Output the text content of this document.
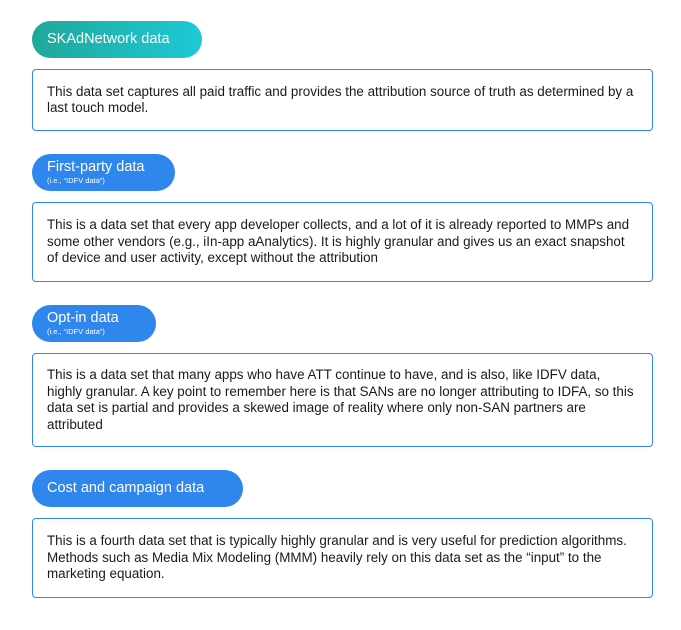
SKAdNetwork data
This data set captures all paid traffic and provides the attribution source of truth as determined by a last touch model.
First-party data
(i.e., “IDFV data”)
This is a data set that every app developer collects, and a lot of it is already reported to MMPs and some other vendors (e.g., iIn-app aAnalytics). It is highly granular and gives us an exact snapshot of device and user activity, except without the attribution
Opt-in data
(i.e., “IDFV data”)
This is a data set that many apps who have ATT continue to have, and is also, like IDFV data, highly granular. A key point to remember here is that SANs are no longer attributing to IDFA, so this data set is partial and provides a skewed image of reality where only non-SAN partners are attributed
Cost and campaign data
This is a fourth data set that is typically highly granular and is very useful for prediction algorithms. Methods such as Media Mix Modeling (MMM) heavily rely on this data set as the “input” to the marketing equation.
